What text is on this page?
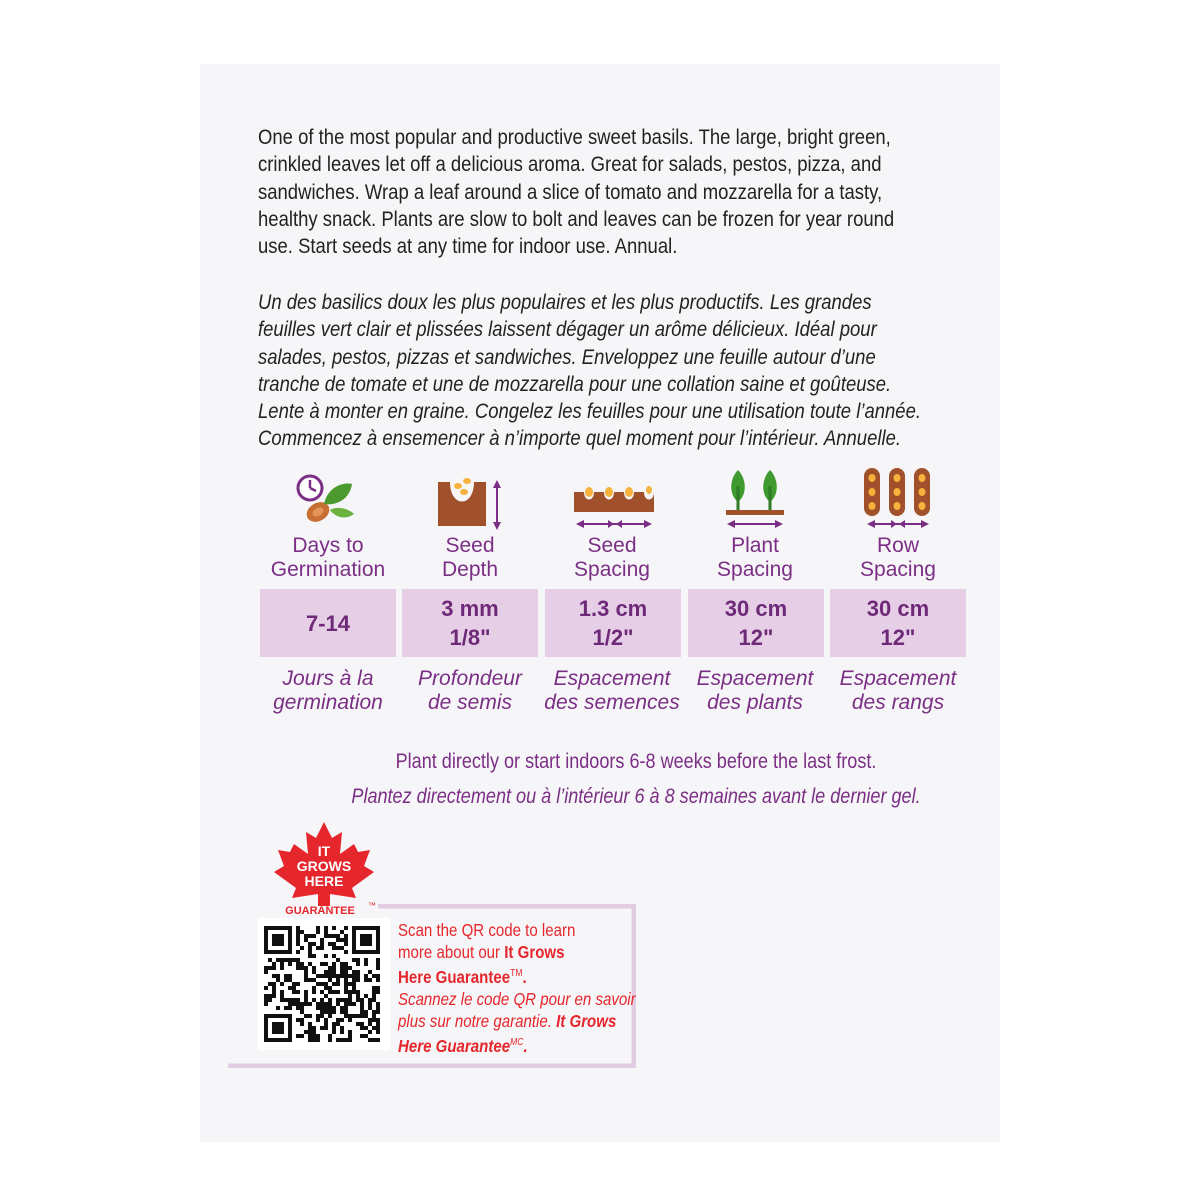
One of the most popular and productive sweet basils. The large, bright green,
crinkled leaves let off a delicious aroma. Great for salads, pestos, pizza, and
sandwiches. Wrap a leaf around a slice of tomato and mozzarella for a tasty,
healthy snack. Plants are slow to bolt and leaves can be frozen for year round
use. Start seeds at any time for indoor use. Annual.

Un des basilics doux les plus populaires et les plus productifs. Les grandes
feuilles vert clair et plissées laissent dégager un arôme délicieux. Idéal pour
salades, pestos, pizzas et sandwiches. Enveloppez une feuille autour d’une
tranche de tomate et une de mozzarella pour une collation saine et goûteuse.
Lente à monter en graine. Congelez les feuilles pour une utilisation toute l’année.
Commencez à ensemencer à n’importe quel moment pour l’intérieur. Annuelle.

Days to
Germination
Seed
Depth
Seed
Spacing
Plant
Spacing
Row
Spacing
7-14
3 mm
1/8"
1.3 cm
1/2"
30 cm
12"
30 cm
12"
Jours à la
germination
Profondeur
de semis
Espacement
des semences
Espacement
des plants
Espacement
des rangs
Plant directly or start indoors 6-8 weeks before the last frost.
Plantez directement ou à l’intérieur 6 à 8 semaines avant le dernier gel.
IT
GROWS
HERE
GUARANTEE ™
Scan the QR code to learn
more about our It Grows
Here Guarantee™.
Scannez le code QR pour en savoir
plus sur notre garantie. It Grows
Here Guarantee$^{MC}$.
